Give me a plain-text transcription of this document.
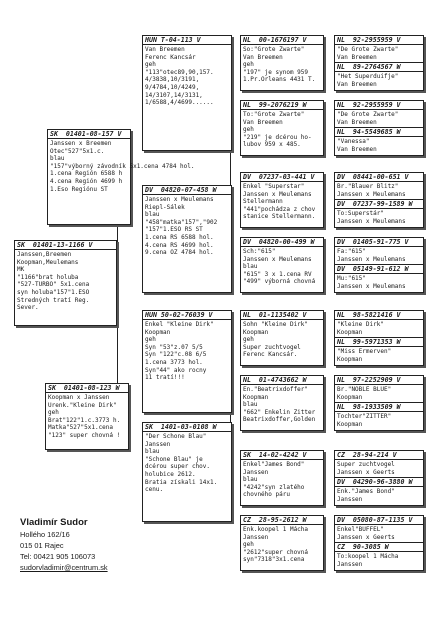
SK  01401-13-1166 V
Janssen,Breemen
Koopman,Meulemans
MK
"1166"brat holuba
"527-TURBO" 5x1.cena
syn holuba"157"1.ESO
Stredných tratí Reg.
Sever.
SK  01401-08-157 V
Janssen x Breemen
Otec"527"5x1.c.
blau
"157"výborný závodník 5x1.cena 4784 hol.
1.cena Región 6588 h
4.cena Región 4699 h
1.Eso Regiónu ST
SK  01401-08-123 W
Koopman x Janssen
Urenk."Kleine Dirk"
geh
Brat"122"1.c.3773 h.
Matka"527"5x1.cena
"123" super chovná !
HUN T-04-113 V
Van Breemen
Ferenc Kancsár
geh
"113"otec89,90,157.
4/3838,10/3191,
9/4784,10/4249,
14/3107,14/3131,
1/6588,4/4699......
DV  04820-07-458 W
Janssen x Meulemans
Riepl-Sálek
blau
"458"matka"157","902
"157"1.ESO RS ST
1.cena RS 6588 hol.
4.cena RS 4699 hol.
9.cena OZ 4784 hol.
HUN 50-02-76039 V
Enkel "Kleine Dirk"
Koopman
geh
Syn "53"z.07 5/5
Syn "122"c.08 6/5
1.cena 3773 hol.
Syn"44" ako rocny
11 tratí!!!
SK  1401-03-0108 W
"Der Schone Blau"
Janssen
blau
"Schone Blau" je
dcérou super chov.
holubice 2612.
Bratia získali 14x1.
cenu.
NL  00-1676197 V
So:"Grote Zwarte"
Van Breemen
geh
"197" je synom 959
1.Pr.Orleans 4431 T.
NL  99-2076219 W
To:"Grote Zwarte"
Van Breemen
geh
"219" je dcérou ho-
lubov 959 x 485.
DV  07237-03-441 V
Enkel "Superstar"
Janssen x Meulemans
Stellermann
"441"pochádza z chov
stanice Stellermann.
DV  04820-00-499 W
Sch:"615"
Janssen x Meulemans
blau
"615" 3 x 1.cena RV
"499" výborná chovná
NL  01-1135402 V
Sohn "Kleine Dirk"
Koopman
geh
Super zuchtvogel
Ferenc Kancsár.
NL  01-4743662 W
En."Beatrixdoffer"
Koopman
blau
"662" Enkelin Zitter
Beatrixdoffer,Golden
SK  14-02-4242 V
Enkel"James Bond"
Janssen
blau
"4242"syn zlatého
chovného páru
CZ  28-95-2612 W
Enk.koopel 1 Mácha
Janssen
geh
"2612"super chovná
syn"7318"3x1.cena
NL  92-2955959 V
"De Grote Zwarte"
Van Breemen
NL  89-2764567 W
"Het Superduifje"
Van Breemen
NL  92-2955959 V
"De Grote Zwarte"
Van Breemen
NL  94-5549685 W
"Vanessa"
Van Breemen
DV  08441-00-651 V
Br."Blauer Blitz"
Janssen x Meulemans
DV  07237-99-1589 W
To:Superstár"
Janssen x Meulemans
DV  01405-91-775 V
Fa:"615"
Janssen x Meulemans
DV  05149-91-612 W
Mu:"615"
Janssen x Meulemans
NL  98-5821416 V
"Kleine Dirk"
Koopman
NL  99-5971353 W
"Miss Ermerven"
Koopman
NL  97-2252909 V
Br."NOBLE BLUE"
Koopman
NL  98-1933509 W
Tochter"ZITTER"
Koopman
CZ  28-94-214 V
Super zuchtvogel
Janssen x Geerts
DV  04290-96-3880 W
Enk."James Bond"
Janssen
DV  05080-87-1135 V
Enkel"BUFFEL"
Janssen x Geerts
CZ  90-3085 W
To:koopel 1 Mácha
Janssen
Vladimír Sudor
Hollého 162/16
015 01 Rajec
Tel: 00421 905 106073
sudorvladimir@centrum.sk
